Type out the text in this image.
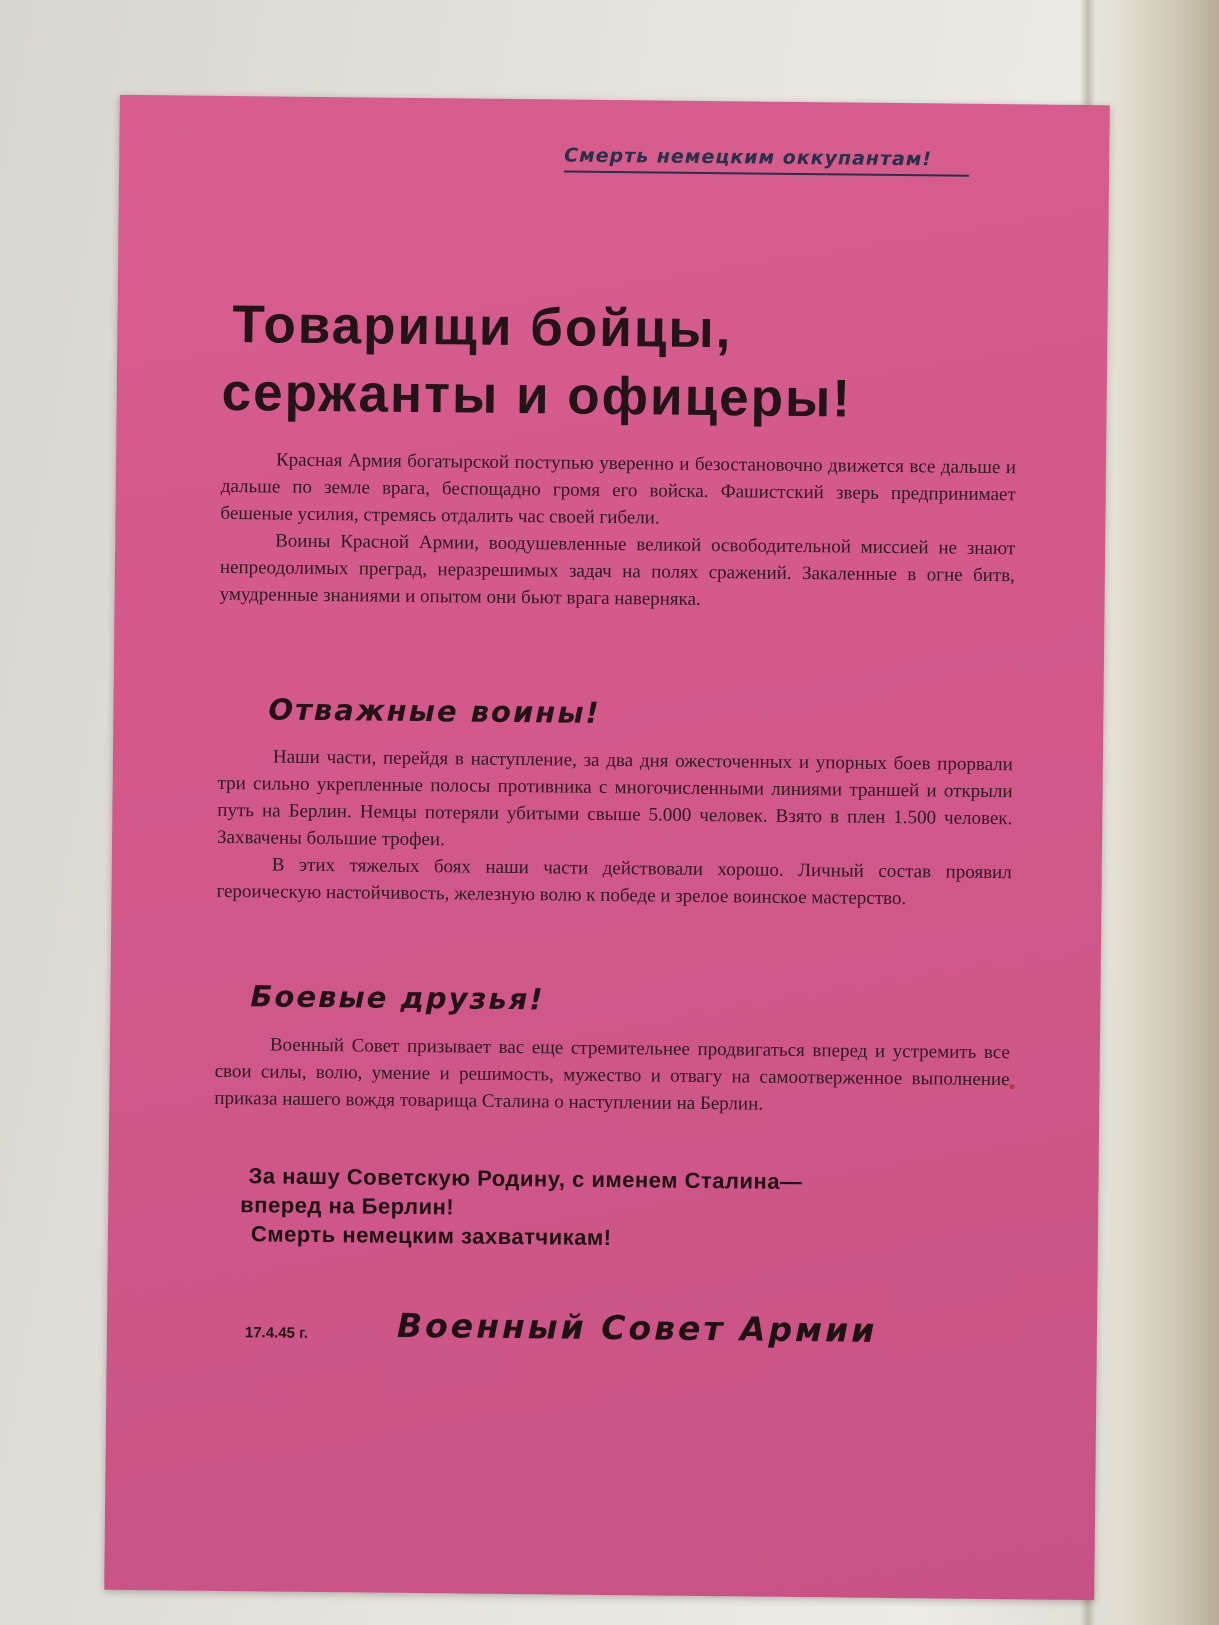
Смерть немецким оккупантам!
Товарищи бойцы,
сержанты и офицеры!

Красная Армия богатырской поступью уверенно и безостановочно движется все дальше и дальше по земле врага, беспощадно громя его войска. Фашистский зверь предпринимает бешеные усилия, стремясь отдалить час своей гибели.

Воины Красной Армии, воодушевленные великой освободительной миссией не знают непреодолимых преград, неразрешимых задач на полях сражений. Закаленные в огне битв, умудренные знаниями и опытом они бьют врага наверняка.

Отважные воины!

Наши части, перейдя в наступление, за два дня ожесточенных и упорных боев прорвали три сильно укрепленные полосы противника с многочисленными линиями траншей и открыли путь на Берлин. Немцы потеряли убитыми свыше 5.000 человек. Взято в плен 1.500 человек. Захвачены большие трофеи.

В этих тяжелых боях наши части действовали хорошо. Личный состав проявил героическую настойчивость, железную волю к победе и зрелое воинское мастерство.

Боевые друзья!

Военный Совет призывает вас еще стремительнее продвигаться вперед и устремить все свои силы, волю, умение и решимость, мужество и отвагу на самоотверженное выполнение приказа нашего вождя товарища Сталина о наступлении на Берлин.

За нашу Советскую Родину, с именем Сталина—
вперед на Берлин!
Смерть немецким захватчикам!
17.4.45 г.	Военный Совет Армии
